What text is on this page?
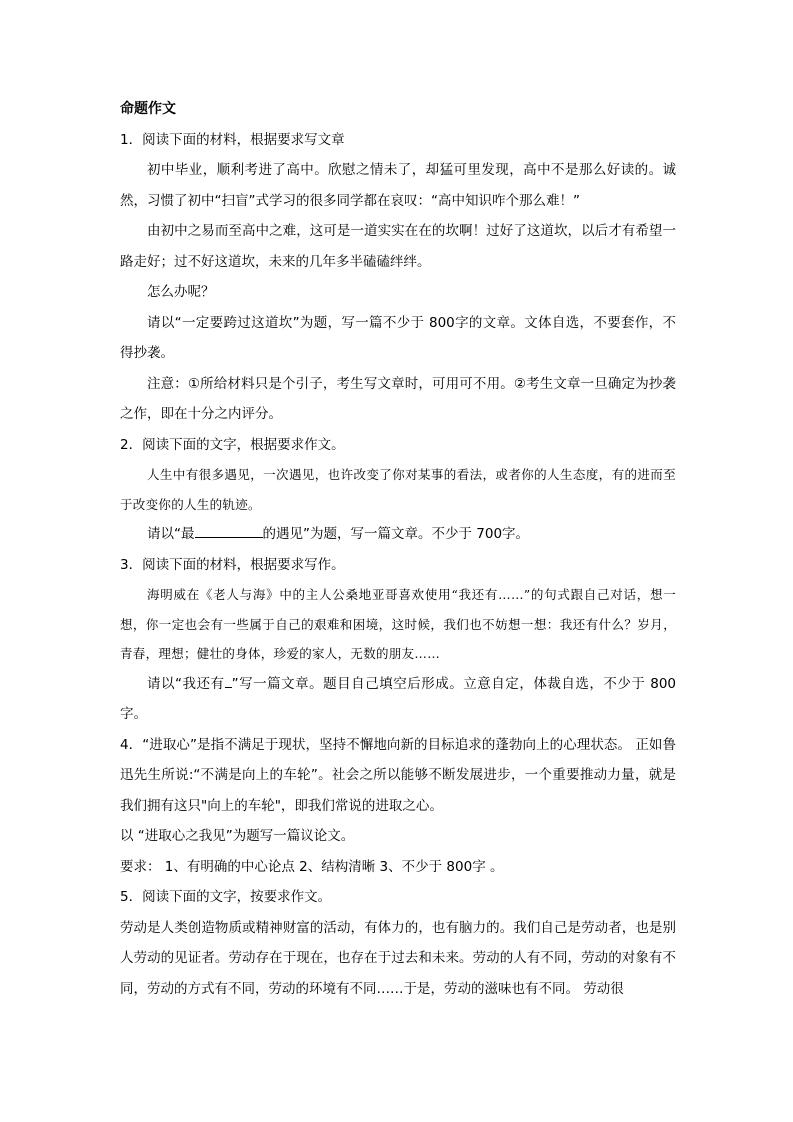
命题作文

1．阅读下面的材料，根据要求写文章

初中毕业，顺利考进了高中。欣慰之情未了，却猛可里发现，高中不是那么好读的。诚然，习惯了初中“扫盲”式学习的很多同学都在哀叹：“高中知识咋个那么难！”

由初中之易而至高中之难，这可是一道实实在在的坎啊！过好了这道坎，以后才有希望一路走好；过不好这道坎，未来的几年多半磕磕绊绊。

怎么办呢？

请以“一定要跨过这道坎”为题，写一篇不少于 800字的文章。文体自选，不要套作，不得抄袭。

注意：①所给材料只是个引子，考生写文章时，可用可不用。②考生文章一旦确定为抄袭之作，即在十分之内评分。

2．阅读下面的文字，根据要求作文。

人生中有很多遇见，一次遇见，也许改变了你对某事的看法，或者你的人生态度，有的进而至于改变你的人生的轨迹。

请以“最	的遇见”为题，写一篇文章。不少于 700字。

3．阅读下面的材料，根据要求写作。

海明威在《老人与海》中的主人公桑地亚哥喜欢使用“我还有……”的句式跟自己对话，想一想，你一定也会有一些属于自己的艰难和困境，这时候，我们也不妨想一想：我还有什么？岁月，青春，理想；健壮的身体，珍爱的家人，无数的朋友……

请以“我还有 ”写一篇文章。题目自己填空后形成。立意自定，体裁自选，不少于 800字。

4．“进取心”是指不满足于现状，坚持不懈地向新的目标追求的蓬勃向上的心理状态。 正如鲁迅先生所说:“不满是向上的车轮”。社会之所以能够不断发展进步，一个重要推动力量，就是我们拥有这只"向上的车轮"，即我们常说的进取之心。

以 “进取心之我见”为题写一篇议论文。

要求： 1、有明确的中心论点 2、结构清晰 3、不少于 800字 。

5．阅读下面的文字，按要求作文。

劳动是人类创造物质或精神财富的活动，有体力的，也有脑力的。我们自己是劳动者，也是别人劳动的见证者。劳动存在于现在，也存在于过去和未来。劳动的人有不同，劳动的对象有不同，劳动的方式有不同，劳动的环境有不同……于是，劳动的滋味也有不同。 劳动很
